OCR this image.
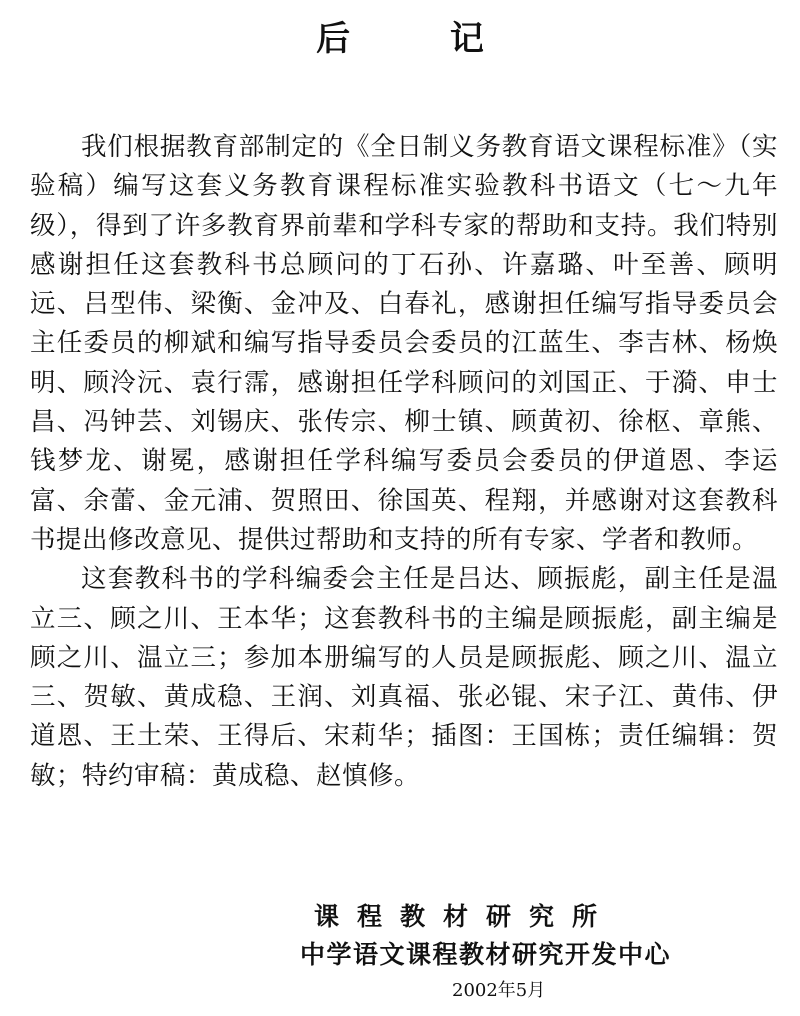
后 记

我们根据教育部制定的《全日制义务教育语文课程标准》（实验稿）编写这套义务教育课程标准实验教科书语文（七～九年级），得到了许多教育界前辈和学科专家的帮助和支持。我们特别感谢担任这套教科书总顾问的丁石孙、许嘉璐、叶至善、顾明远、吕型伟、梁衡、金冲及、白春礼，感谢担任编写指导委员会主任委员的柳斌和编写指导委员会委员的江蓝生、李吉林、杨焕明、顾泠沅、袁行霈，感谢担任学科顾问的刘国正、于漪、申士昌、冯钟芸、刘锡庆、张传宗、柳士镇、顾黄初、徐枢、章熊、钱梦龙、谢冕，感谢担任学科编写委员会委员的伊道恩、李运富、余蕾、金元浦、贺照田、徐国英、程翔，并感谢对这套教科书提出修改意见、提供过帮助和支持的所有专家、学者和教师。

这套教科书的学科编委会主任是吕达、顾振彪，副主任是温立三、顾之川、王本华；这套教科书的主编是顾振彪，副主编是顾之川、温立三；参加本册编写的人员是顾振彪、顾之川、温立三、贺敏、黄成稳、王润、刘真福、张必锟、宋子江、黄伟、伊道恩、王土荣、王得后、宋莉华；插图：王国栋；责任编辑：贺敏；特约审稿：黄成稳、赵慎修。

课程教材研究所
中学语文课程教材研究开发中心
2002年5月
